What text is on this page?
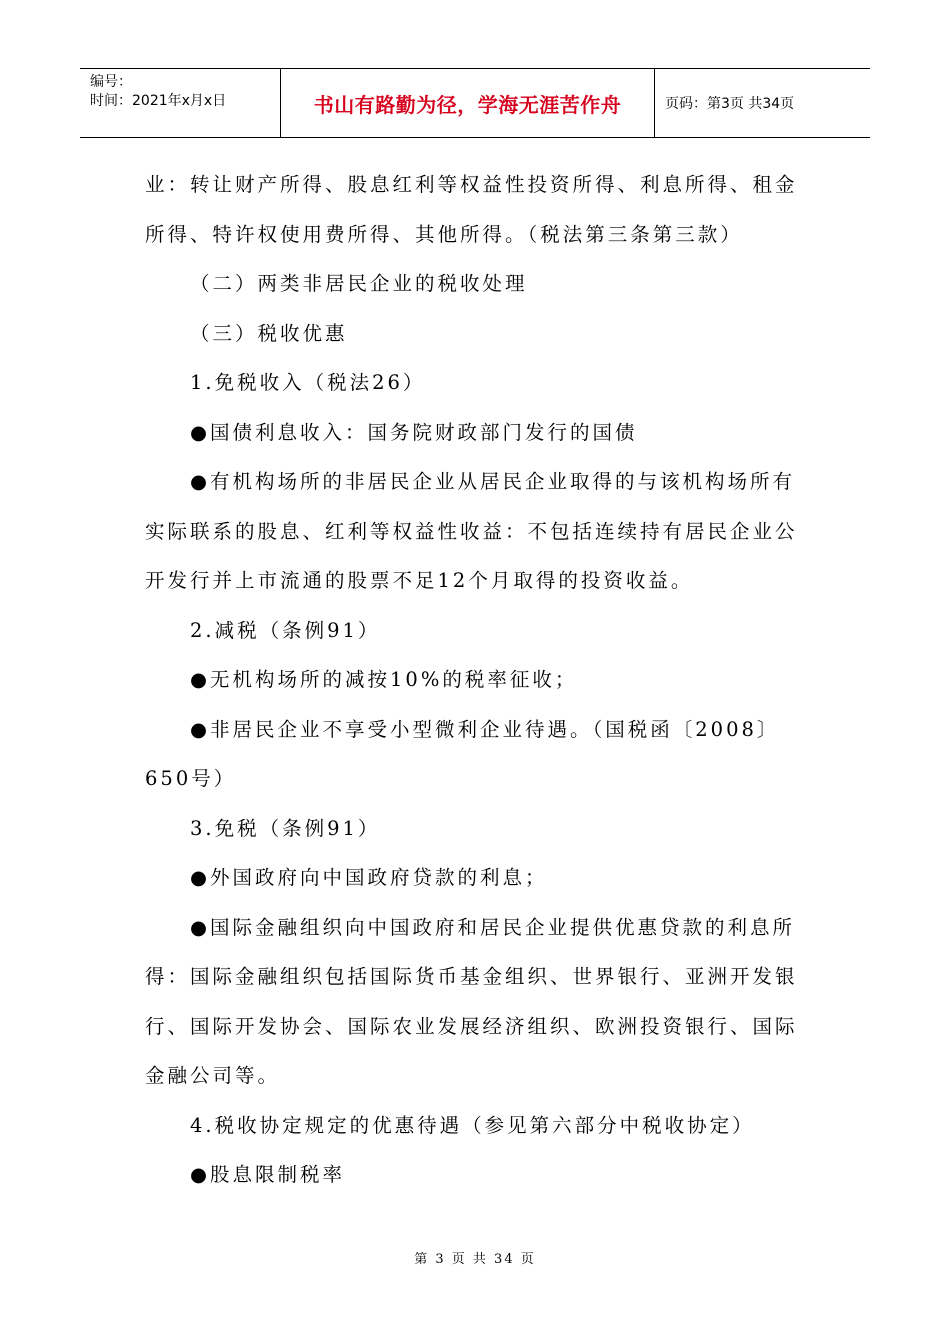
编号：
时间：2021年x月x日	书山有路勤为径，学海无涯苦作舟	页码：第3页 共34页

业：转让财产所得、股息红利等权益性投资所得、利息所得、租金所得、特许权使用费所得、其他所得。（税法第三条第三款）

（二）两类非居民企业的税收处理

（三）税收优惠

1.免税收入（税法26）

●国债利息收入：国务院财政部门发行的国债

●有机构场所的非居民企业从居民企业取得的与该机构场所有实际联系的股息、红利等权益性收益：不包括连续持有居民企业公开发行并上市流通的股票不足12个月取得的投资收益。

2.减税（条例91）

●无机构场所的减按10%的税率征收；

●非居民企业不享受小型微利企业待遇。（国税函〔2008〕650号）

3.免税（条例91）

●外国政府向中国政府贷款的利息；

●国际金融组织向中国政府和居民企业提供优惠贷款的利息所得：国际金融组织包括国际货币基金组织、世界银行、亚洲开发银行、国际开发协会、国际农业发展经济组织、欧洲投资银行、国际金融公司等。

4.税收协定规定的优惠待遇（参见第六部分中税收协定）

●股息限制税率

第 3 页 共 34 页
